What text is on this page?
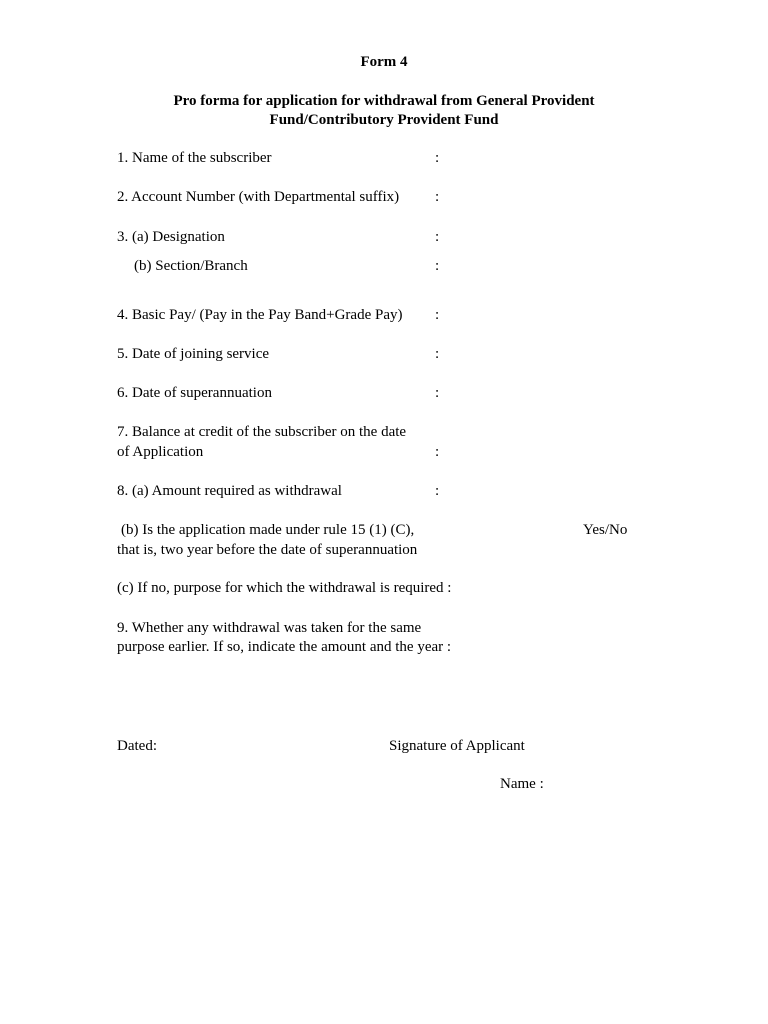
Form 4
Pro forma for application for withdrawal from General Provident
Fund/Contributory Provident Fund
1. Name of the subscriber	:
2. Account Number (with Departmental suffix) :
3. (a) Designation	:
(b) Section/Branch	:
4. Basic Pay/ (Pay in the Pay Band+Grade Pay) :
5. Date of joining service	:
6. Date of superannuation	:
7. Balance at credit of the subscriber on the date
of Application	:
8. (a) Amount required as withdrawal	:
(b) Is the application made under rule 15 (1) (C),	Yes/No
that is, two year before the date of superannuation
(c) If no, purpose for which the withdrawal is required :
9. Whether any withdrawal was taken for the same
purpose earlier. If so, indicate the amount and the year :
Dated:	Signature of Applicant
Name :
